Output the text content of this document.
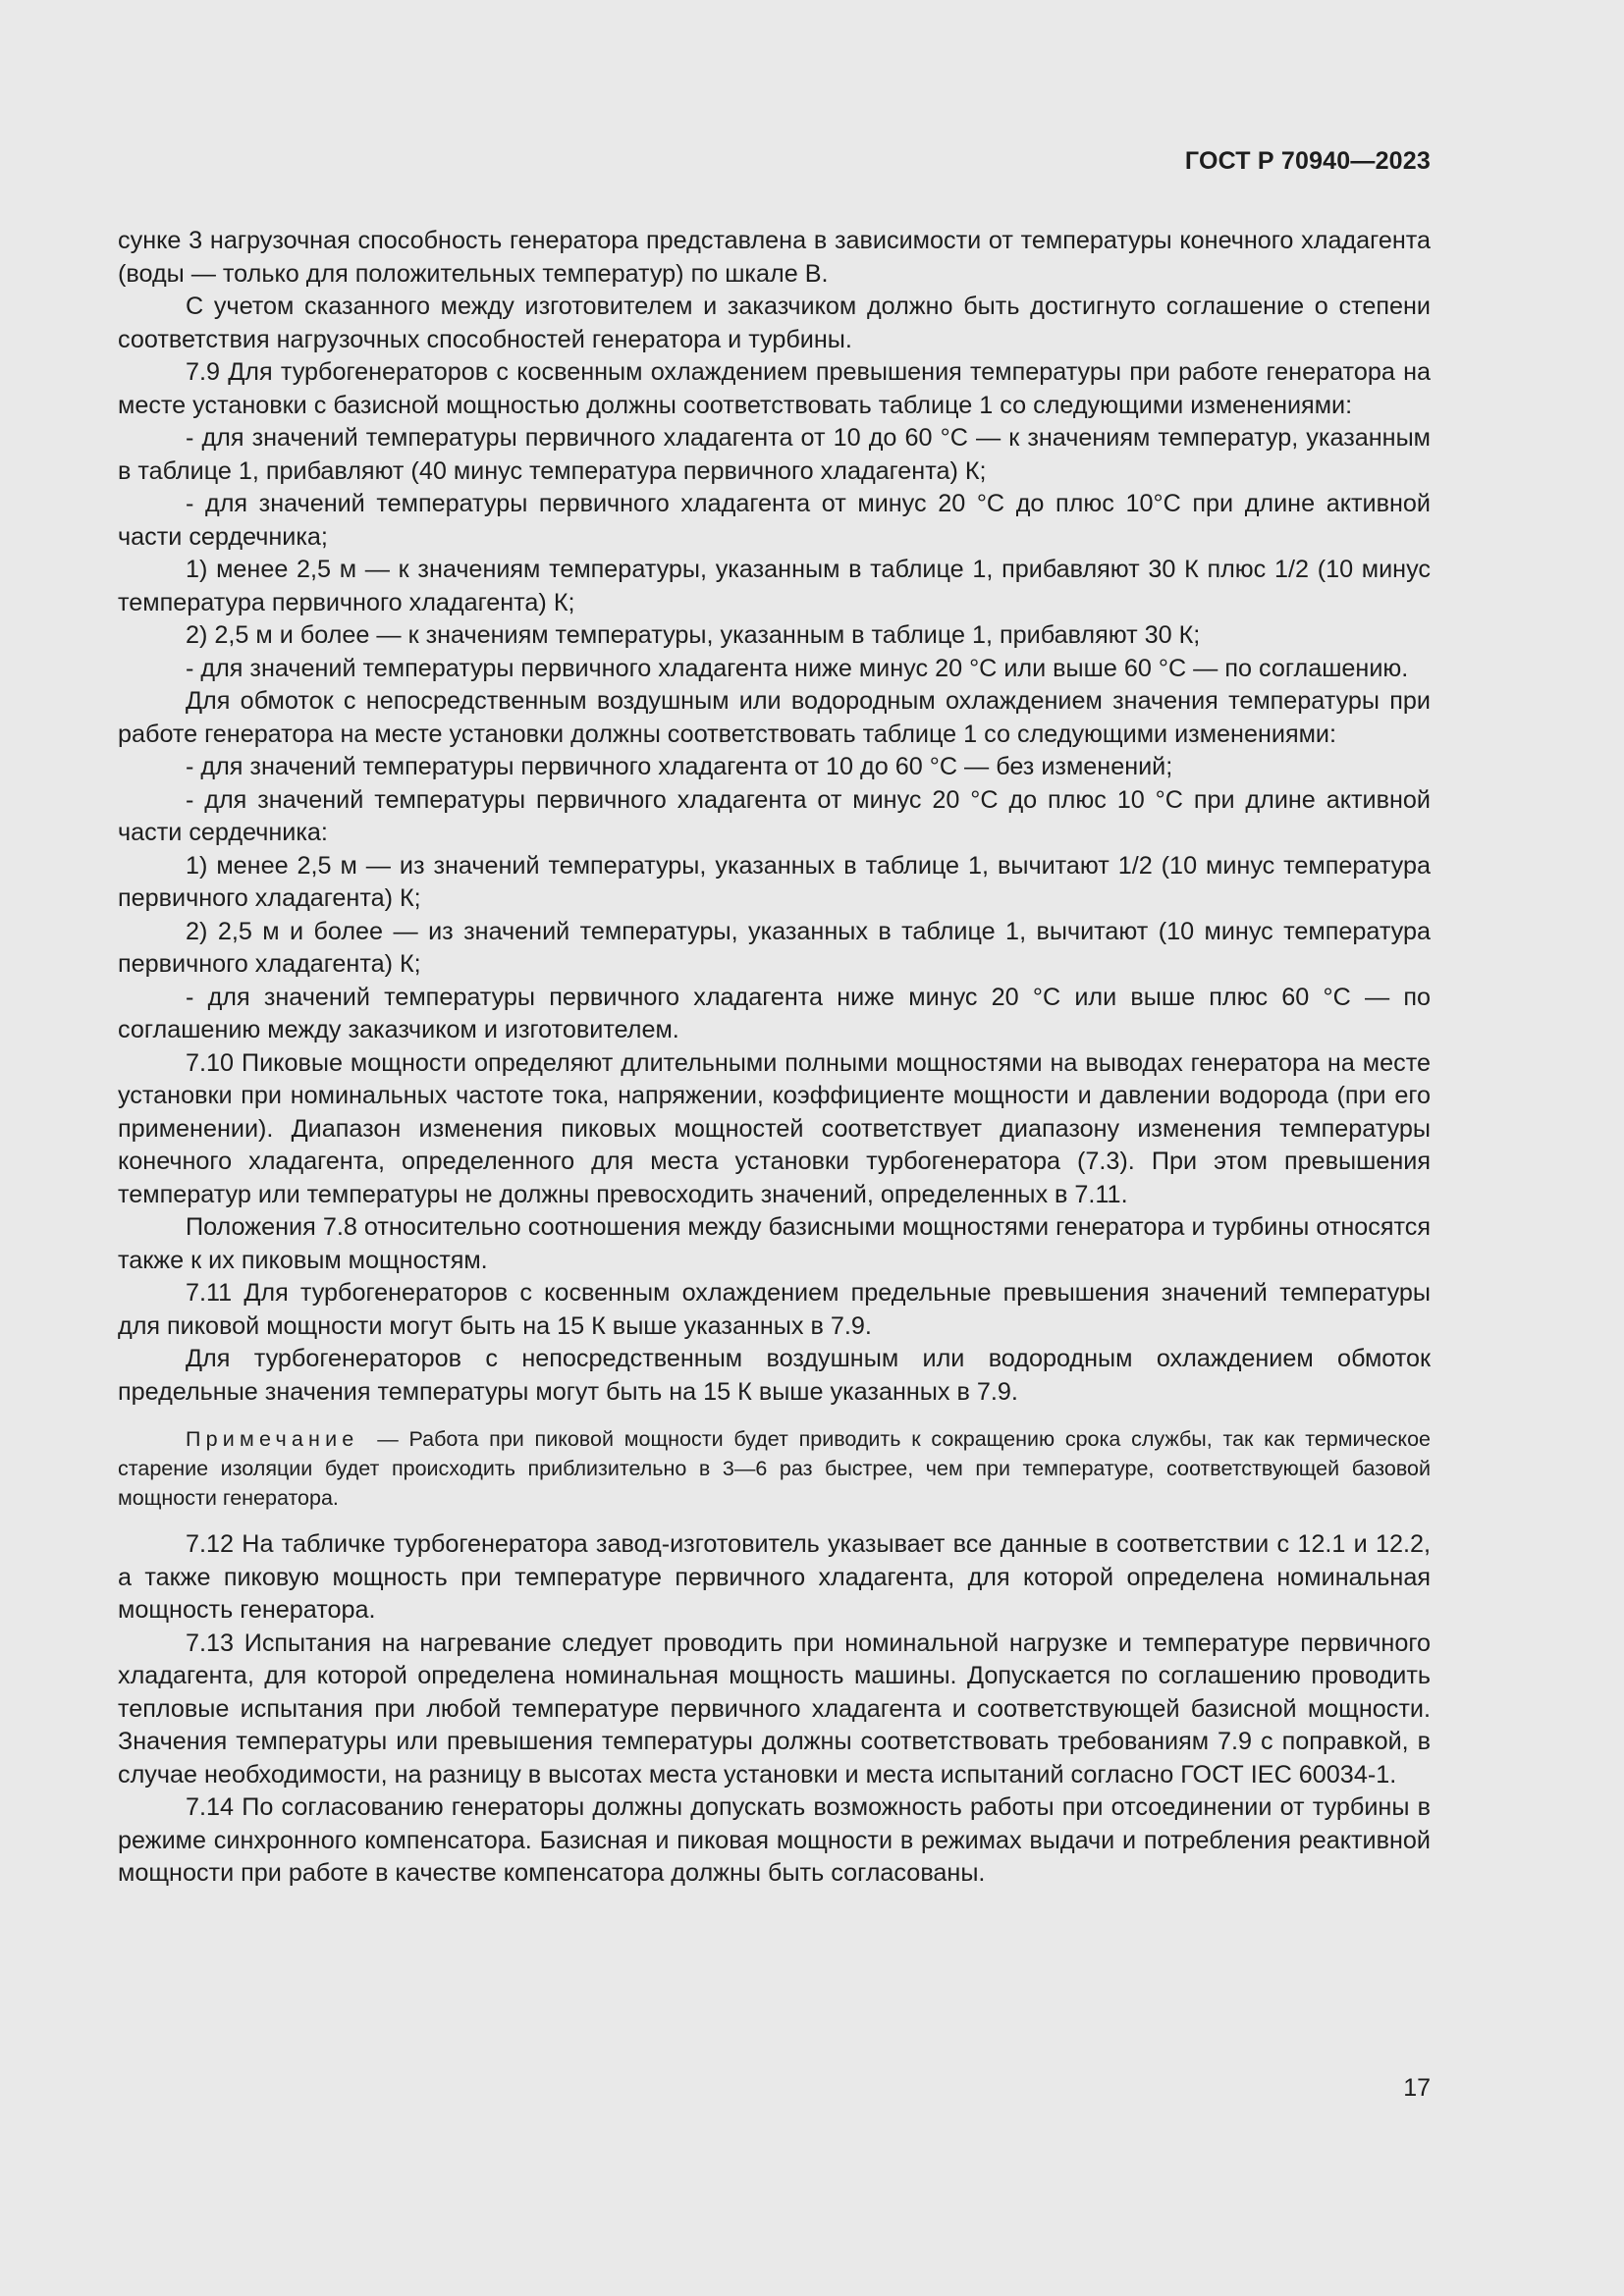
ГОСТ Р 70940—2023

сунке 3 нагрузочная способность генератора представлена в зависимости от температуры конечного хладагента (воды — только для положительных температур) по шкале В.

С учетом сказанного между изготовителем и заказчиком должно быть достигнуто соглашение о степени соответствия нагрузочных способностей генератора и турбины.

7.9 Для турбогенераторов с косвенным охлаждением превышения температуры при работе генератора на месте установки с базисной мощностью должны соответствовать таблице 1 со следующими изменениями:

- для значений температуры первичного хладагента от 10 до 60 °С — к значениям температур, указанным в таблице 1, прибавляют (40 минус температура первичного хладагента) К;

- для значений температуры первичного хладагента от минус 20 °С до плюс 10°С при длине активной части сердечника;

1) менее 2,5 м — к значениям температуры, указанным в таблице 1, прибавляют 30 К плюс 1/2 (10 минус температура первичного хладагента) К;

2) 2,5 м и более — к значениям температуры, указанным в таблице 1, прибавляют 30 К;

- для значений температуры первичного хладагента ниже минус 20 °С или выше 60 °С — по соглашению.

Для обмоток с непосредственным воздушным или водородным охлаждением значения температуры при работе генератора на месте установки должны соответствовать таблице 1 со следующими изменениями:

- для значений температуры первичного хладагента от 10 до 60 °С — без изменений;

- для значений температуры первичного хладагента от минус 20 °С до плюс 10 °С при длине активной части сердечника:

1) менее 2,5 м — из значений температуры, указанных в таблице 1, вычитают 1/2 (10 минус температура первичного хладагента) К;

2) 2,5 м и более — из значений температуры, указанных в таблице 1, вычитают (10 минус температура первичного хладагента) К;

- для значений температуры первичного хладагента ниже минус 20 °С или выше плюс 60 °С — по соглашению между заказчиком и изготовителем.

7.10 Пиковые мощности определяют длительными полными мощностями на выводах генератора на месте установки при номинальных частоте тока, напряжении, коэффициенте мощности и давлении водорода (при его применении). Диапазон изменения пиковых мощностей соответствует диапазону изменения температуры конечного хладагента, определенного для места установки турбогенератора (7.3). При этом превышения температур или температуры не должны превосходить значений, определенных в 7.11.

Положения 7.8 относительно соотношения между базисными мощностями генератора и турбины относятся также к их пиковым мощностям.

7.11 Для турбогенераторов с косвенным охлаждением предельные превышения значений температуры для пиковой мощности могут быть на 15 К выше указанных в 7.9.

Для турбогенераторов с непосредственным воздушным или водородным охлаждением обмоток предельные значения температуры могут быть на 15 К выше указанных в 7.9.

Примечание — Работа при пиковой мощности будет приводить к сокращению срока службы, так как термическое старение изоляции будет происходить приблизительно в 3—6 раз быстрее, чем при температуре, соответствующей базовой мощности генератора.

7.12 На табличке турбогенератора завод-изготовитель указывает все данные в соответствии с 12.1 и 12.2, а также пиковую мощность при температуре первичного хладагента, для которой определена номинальная мощность генератора.

7.13 Испытания на нагревание следует проводить при номинальной нагрузке и температуре первичного хладагента, для которой определена номинальная мощность машины. Допускается по соглашению проводить тепловые испытания при любой температуре первичного хладагента и соответствующей базисной мощности. Значения температуры или превышения температуры должны соответствовать требованиям 7.9 с поправкой, в случае необходимости, на разницу в высотах места установки и места испытаний согласно ГОСТ IEC 60034-1.

7.14 По согласованию генераторы должны допускать возможность работы при отсоединении от турбины в режиме синхронного компенсатора. Базисная и пиковая мощности в режимах выдачи и потребления реактивной мощности при работе в качестве компенсатора должны быть согласованы.

17
